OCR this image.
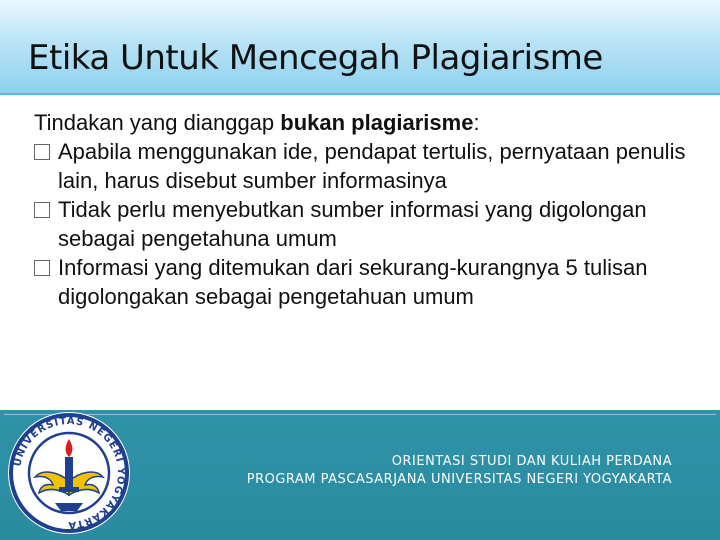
Etika Untuk Mencegah Plagiarisme

Tindakan yang dianggap bukan plagiarisme:

Apabila menggunakan ide, pendapat tertulis, pernyataan penulis lain, harus disebut sumber informasinya
Tidak perlu menyebutkan sumber informasi yang digolongan sebagai pengetahuna umum
Informasi yang ditemukan dari sekurang-kurangnya 5 tulisan digolongakan sebagai pengetahuan umum
UNIVERSITAS NEGERI YOGYAKARTA
ORIENTASI STUDI DAN KULIAH PERDANA
PROGRAM PASCASARJANA UNIVERSITAS NEGERI YOGYAKARTA
